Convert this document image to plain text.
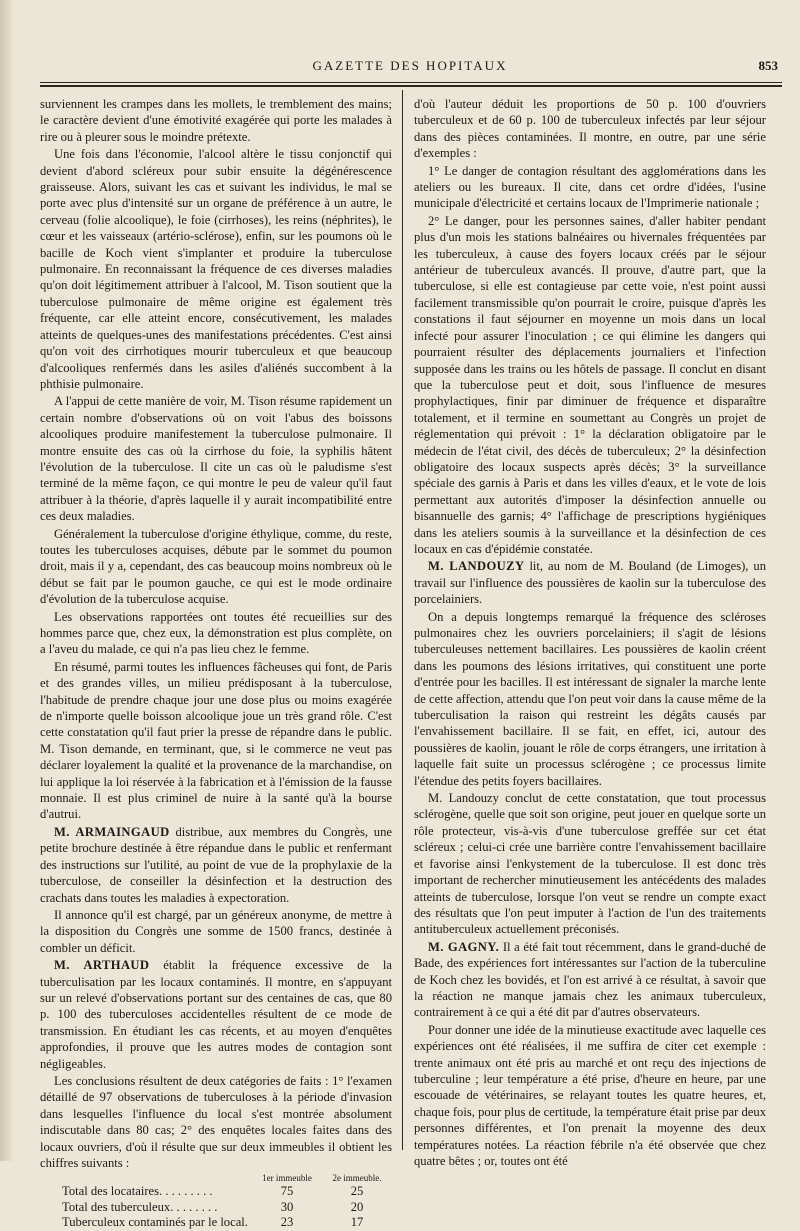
GAZETTE DES HOPITAUX	853

surviennent les crampes dans les mollets, le tremblement des mains; le caractère devient d'une émotivité exagérée qui porte les malades à rire ou à pleurer sous le moindre prétexte.

Une fois dans l'économie, l'alcool altère le tissu conjonctif qui devient d'abord scléreux pour subir ensuite la dégénérescence graisseuse. Alors, suivant les cas et suivant les individus, le mal se porte avec plus d'intensité sur un organe de préférence à un autre, le cerveau (folie alcoolique), le foie (cirrhoses), les reins (néphrites), le cœur et les vaisseaux (artério-sclérose), enfin, sur les poumons où le bacille de Koch vient s'implanter et produire la tuberculose pulmonaire. En reconnaissant la fréquence de ces diverses maladies qu'on doit légitimement attribuer à l'alcool, M. Tison soutient que la tuberculose pulmonaire de même origine est également très fréquente, car elle atteint encore, consécutivement, les malades atteints de quelques-unes des manifestations précédentes. C'est ainsi qu'on voit des cirrhotiques mourir tuberculeux et que beaucoup d'alcooliques renfermés dans les asiles d'aliénés succombent à la phthisie pulmonaire.

A l'appui de cette manière de voir, M. Tison résume rapidement un certain nombre d'observations où on voit l'abus des boissons alcooliques produire manifestement la tuberculose pulmonaire. Il montre ensuite des cas où la cirrhose du foie, la syphilis hâtent l'évolution de la tuberculose. Il cite un cas où le paludisme s'est terminé de la même façon, ce qui montre le peu de valeur qu'il faut attribuer à la théorie, d'après laquelle il y aurait incompatibilité entre ces deux maladies.

Généralement la tuberculose d'origine éthylique, comme, du reste, toutes les tuberculoses acquises, débute par le sommet du poumon droit, mais il y a, cependant, des cas beaucoup moins nombreux où le début se fait par le poumon gauche, ce qui est le mode ordinaire d'évolution de la tuberculose acquise.

Les observations rapportées ont toutes été recueillies sur des hommes parce que, chez eux, la démonstration est plus complète, on a l'aveu du malade, ce qui n'a pas lieu chez le femme.

En résumé, parmi toutes les influences fâcheuses qui font, de Paris et des grandes villes, un milieu prédisposant à la tuberculose, l'habitude de prendre chaque jour une dose plus ou moins exagérée de n'importe quelle boisson alcoolique joue un très grand rôle. C'est cette constatation qu'il faut prier la presse de répandre dans le public. M. Tison demande, en terminant, que, si le commerce ne veut pas déclarer loyalement la qualité et la provenance de la marchandise, on lui applique la loi réservée à la fabrication et à l'émission de la fausse monnaie. Il est plus criminel de nuire à la santé qu'à la bourse d'autrui.

M. ARMAINGAUD distribue, aux membres du Congrès, une petite brochure destinée à être répandue dans le public et renfermant des instructions sur l'utilité, au point de vue de la prophylaxie de la tuberculose, de conseiller la désinfection et la destruction des crachats dans toutes les maladies à expectoration.

Il annonce qu'il est chargé, par un généreux anonyme, de mettre à la disposition du Congrès une somme de 1500 francs, destinée à combler un déficit.

M. ARTHAUD établit la fréquence excessive de la tuberculisation par les locaux contaminés. Il montre, en s'appuyant sur un relevé d'observations portant sur des centaines de cas, que 80 p. 100 des tuberculoses accidentelles résultent de ce mode de transmission. En étudiant les cas récents, et au moyen d'enquêtes approfondies, il prouve que les autres modes de contagion sont négligeables.

Les conclusions résultent de deux catégories de faits : 1° l'examen détaillé de 97 observations de tuberculoses à la période d'invasion dans lesquelles l'influence du local s'est montrée absolument indiscutable dans 80 cas; 2° des enquêtes locales faites dans des locaux ouvriers, d'où il résulte que sur deux immeubles il obtient les chiffres suivants :

	1er immeuble	2e immeuble.
Total des locataires. . . . . . . . .	75	25
Total des tuberculeux. . . . . . . .	30	20
Tuberculeux contaminés par le local.	23	17

d'où l'auteur déduit les proportions de 50 p. 100 d'ouvriers tuberculeux et de 60 p. 100 de tuberculeux infectés par leur séjour dans des pièces contaminées. Il montre, en outre, par une série d'exemples :

1° Le danger de contagion résultant des agglomérations dans les ateliers ou les bureaux. Il cite, dans cet ordre d'idées, l'usine municipale d'électricité et certains locaux de l'Imprimerie nationale ;

2° Le danger, pour les personnes saines, d'aller habiter pendant plus d'un mois les stations balnéaires ou hivernales fréquentées par les tuberculeux, à cause des foyers locaux créés par le séjour antérieur de tuberculeux avancés. Il prouve, d'autre part, que la tuberculose, si elle est contagieuse par cette voie, n'est point aussi facilement transmissible qu'on pourrait le croire, puisque d'après les constations il faut séjourner en moyenne un mois dans un local infecté pour assurer l'inoculation ; ce qui élimine les dangers qui pourraient résulter des déplacements journaliers et l'infection supposée dans les trains ou les hôtels de passage. Il conclut en disant que la tuberculose peut et doit, sous l'influence de mesures prophylactiques, finir par diminuer de fréquence et disparaître totalement, et il termine en soumettant au Congrès un projet de réglementation qui prévoit : 1° la déclaration obligatoire par le médecin de l'état civil, des décès de tuberculeux; 2° la désinfection obligatoire des locaux suspects après décès; 3° la surveillance spéciale des garnis à Paris et dans les villes d'eaux, et le vote de lois permettant aux autorités d'imposer la désinfection annuelle ou bisannuelle des garnis; 4° l'affichage de prescriptions hygiéniques dans les ateliers soumis à la surveillance et la désinfection de ces locaux en cas d'épidémie constatée.

M. LANDOUZY lit, au nom de M. Bouland (de Limoges), un travail sur l'influence des poussières de kaolin sur la tuberculose des porcelainiers.

On a depuis longtemps remarqué la fréquence des scléroses pulmonaires chez les ouvriers porcelainiers; il s'agit de lésions tuberculeuses nettement bacillaires. Les poussières de kaolin créent dans les poumons des lésions irritatives, qui constituent une porte d'entrée pour les bacilles. Il est intéressant de signaler la marche lente de cette affection, attendu que l'on peut voir dans la cause même de la tuberculisation la raison qui restreint les dégâts causés par l'envahissement bacillaire. Il se fait, en effet, ici, autour des poussières de kaolin, jouant le rôle de corps étrangers, une irritation à laquelle fait suite un processus sclérogène ; ce processus limite l'étendue des petits foyers bacillaires.

M. Landouzy conclut de cette constatation, que tout processus sclérogène, quelle que soit son origine, peut jouer en quelque sorte un rôle protecteur, vis-à-vis d'une tuberculose greffée sur cet état scléreux ; celui-ci crée une barrière contre l'envahissement bacillaire et favorise ainsi l'enkystement de la tuberculose. Il est donc très important de rechercher minutieusement les antécédents des malades atteints de tuberculose, lorsque l'on veut se rendre un compte exact des résultats que l'on peut imputer à l'action de l'un des traitements antituberculeux actuellement préconisés.

M. GAGNY. Il a été fait tout récemment, dans le grand-duché de Bade, des expériences fort intéressantes sur l'action de la tuberculine de Koch chez les bovidés, et l'on est arrivé à ce résultat, à savoir que la réaction ne manque jamais chez les animaux tuberculeux, contrairement à ce qui a été dit par d'autres observateurs.

Pour donner une idée de la minutieuse exactitude avec laquelle ces expériences ont été réalisées, il me suffira de citer cet exemple : trente animaux ont été pris au marché et ont reçu des injections de tuberculine ; leur température a été prise, d'heure en heure, par une escouade de vétérinaires, se relayant toutes les quatre heures, et, chaque fois, pour plus de certitude, la température était prise par deux personnes différentes, et l'on prenait la moyenne des deux températures notées. La réaction fébrile n'a été observée que chez quatre bêtes ; or, toutes ont été
